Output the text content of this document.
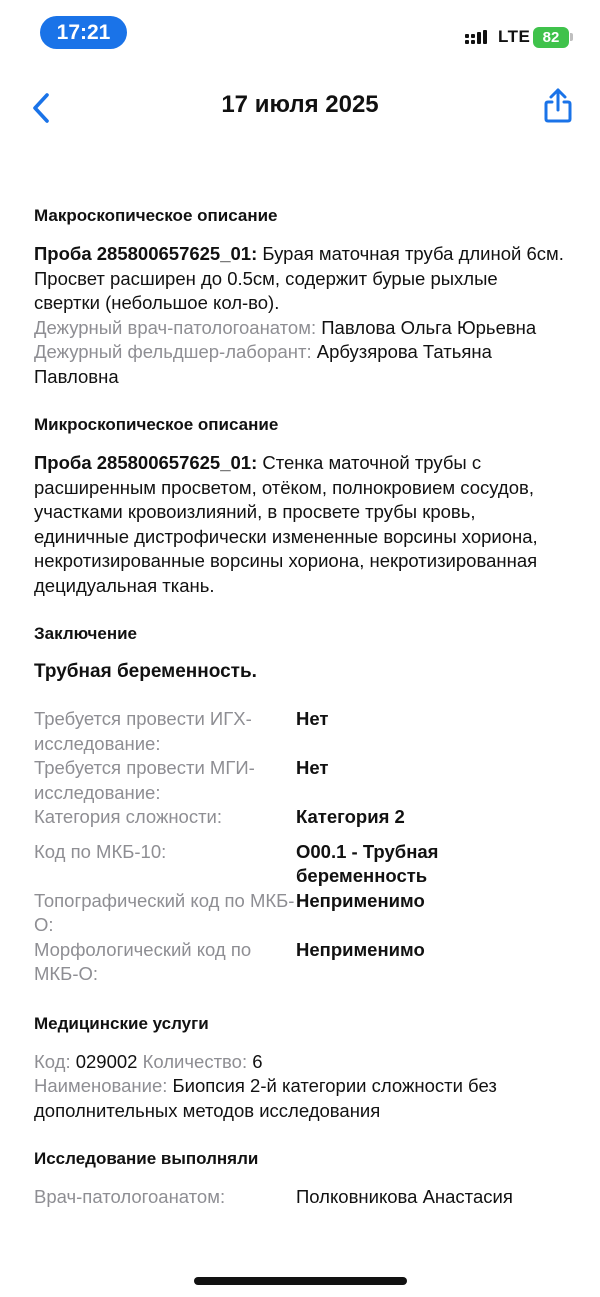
17:21	LTE 82
17 июля 2025
Макроскопическое описание
Проба 285800657625_01: Бурая маточная труба длиной 6см. Просвет расширен до 0.5см, содержит бурые рыхлые свертки (небольшое кол-во).
Дежурный врач-патологоанатом: Павлова Ольга Юрьевна
Дежурный фельдшер-лаборант: Арбузярова Татьяна Павловна
Микроскопическое описание
Проба 285800657625_01: Стенка маточной трубы с расширенным просветом, отёком, полнокровием сосудов, участками кровоизлияний, в просвете трубы кровь, единичные дистрофически измененные ворсины хориона, некротизированные ворсины хориона, некротизированная децидуальная ткань.
Заключение
Трубная беременность.
Требуется провести ИГХ-исследование:
Нет
Требуется провести МГИ-исследование:
Нет
Категория сложности:	Категория 2
Код по МКБ-10:	O00.1 - Трубная беременность
Топографический код по МКБ-О:
Неприменимо
Морфологический код по МКБ-О:
Неприменимо
Медицинские услуги
Код: 029002 Количество: 6
Наименование: Биопсия 2-й категории сложности без дополнительных методов исследования
Исследование выполняли
Врач-патологоанатом:	Полковникова Анастасия
